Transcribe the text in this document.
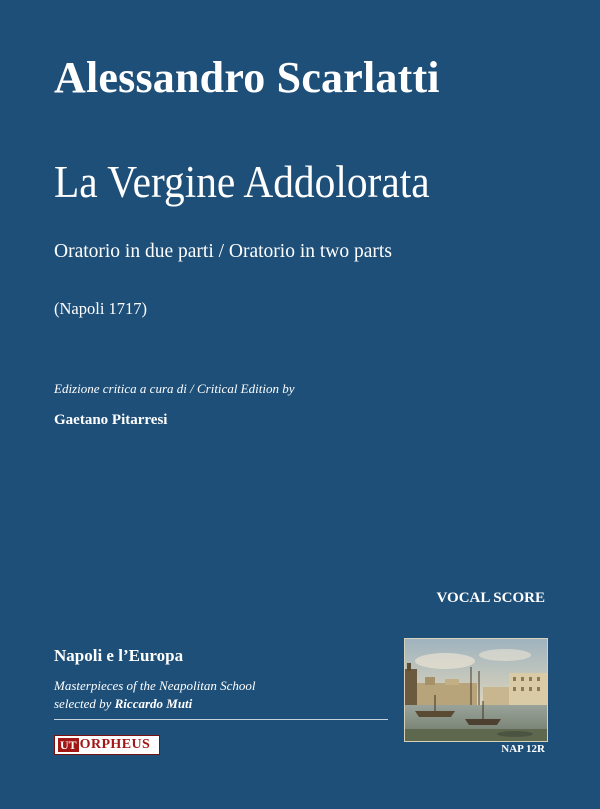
Alessandro Scarlatti
La Vergine Addolorata
Oratorio in due parti / Oratorio in two parts
(Napoli 1717)
Edizione critica a cura di / Critical Edition by
Gaetano Pitarresi
VOCAL SCORE
Napoli e l’Europa
Masterpieces of the Neapolitan School
selected by Riccardo Muti
UT ORPHEUS	NAP 12R
